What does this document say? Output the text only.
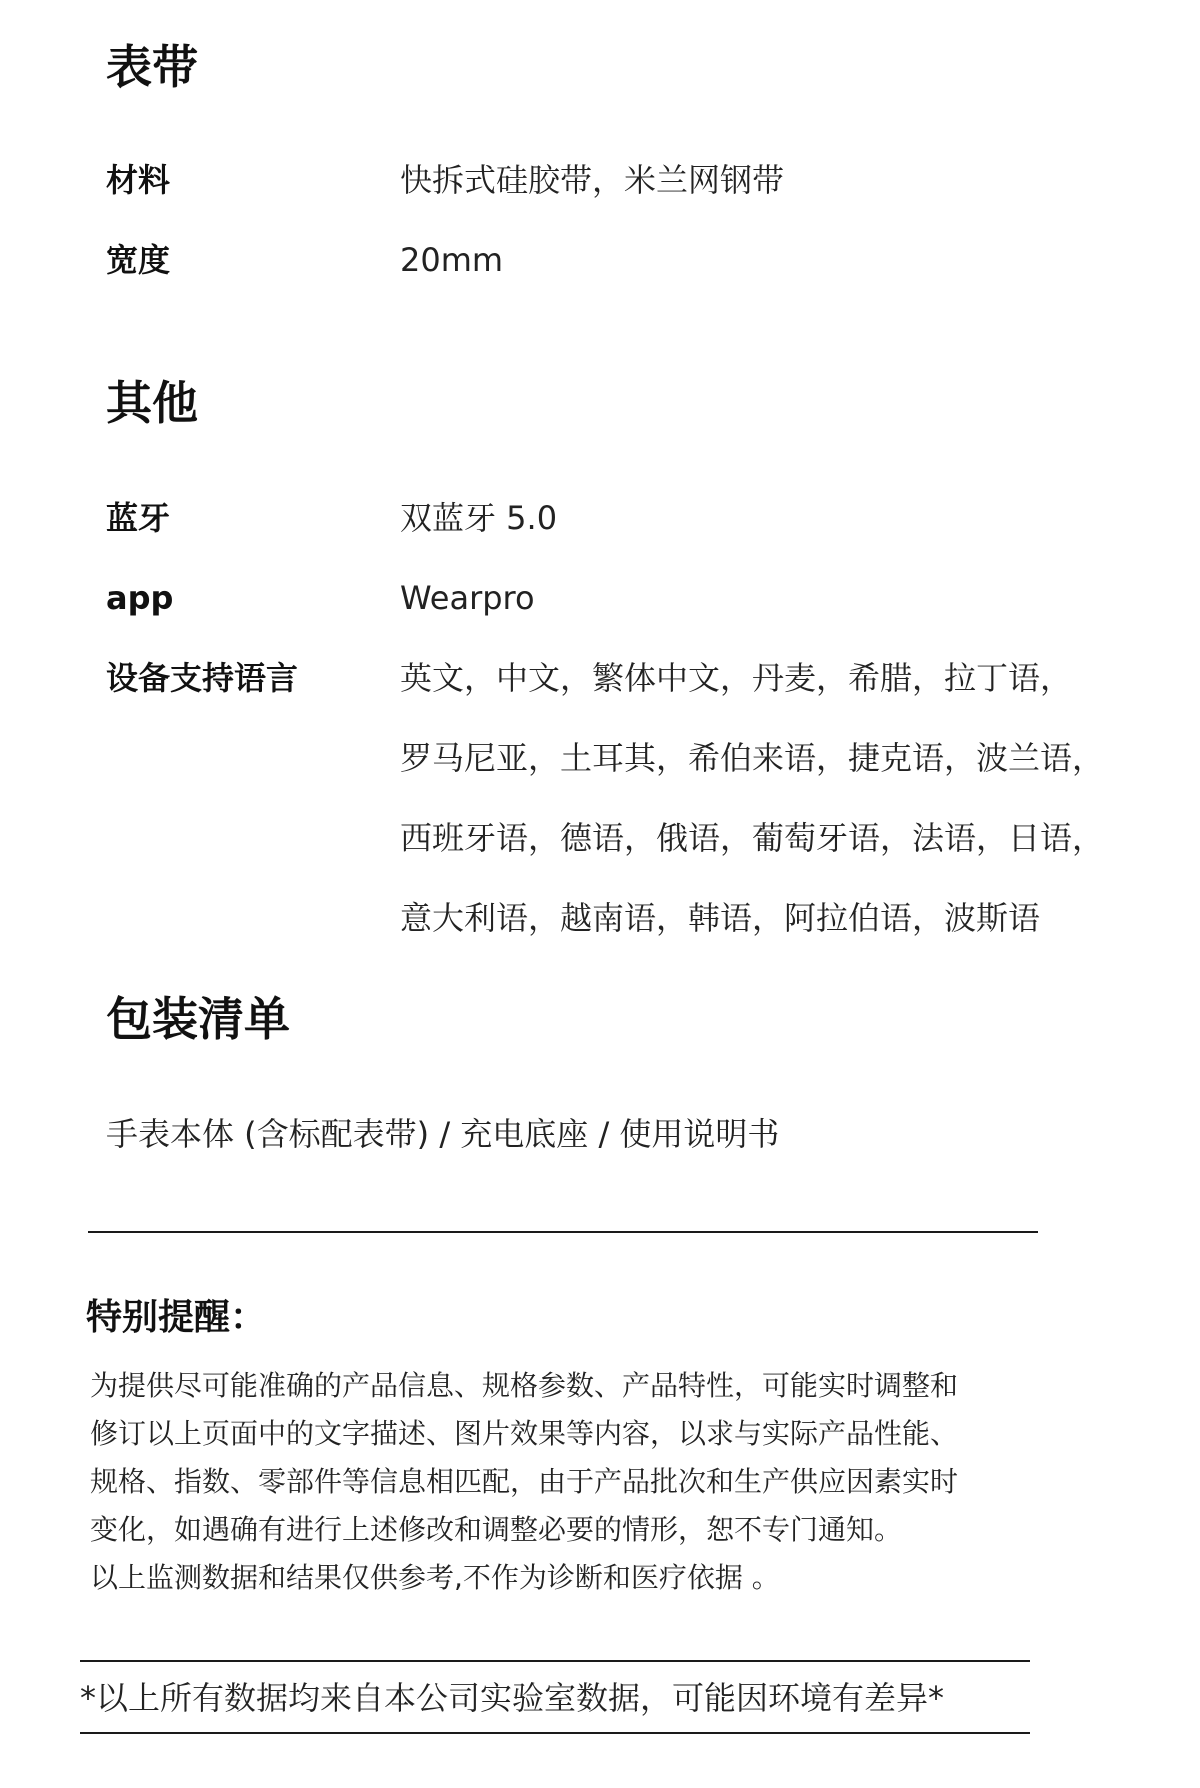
表带
材料	快拆式硅胶带，米兰网钢带
宽度	20mm
其他
蓝牙	双蓝牙 5.0
app	Wearpro
设备支持语言	英文，中文，繁体中文，丹麦，希腊，拉丁语，
罗马尼亚，土耳其，希伯来语，捷克语，波兰语，
西班牙语，德语，俄语，葡萄牙语，法语，日语，
意大利语，越南语，韩语，阿拉伯语，波斯语
包装清单
手表本体 (含标配表带) / 充电底座 / 使用说明书
特别提醒：
为提供尽可能准确的产品信息、规格参数、产品特性，可能实时调整和
修订以上页面中的文字描述、图片效果等内容，以求与实际产品性能、
规格、指数、零部件等信息相匹配，由于产品批次和生产供应因素实时
变化，如遇确有进行上述修改和调整必要的情形，恕不专门通知。
以上监测数据和结果仅供参考,不作为诊断和医疗依据 。
*以上所有数据均来自本公司实验室数据，可能因环境有差异*
